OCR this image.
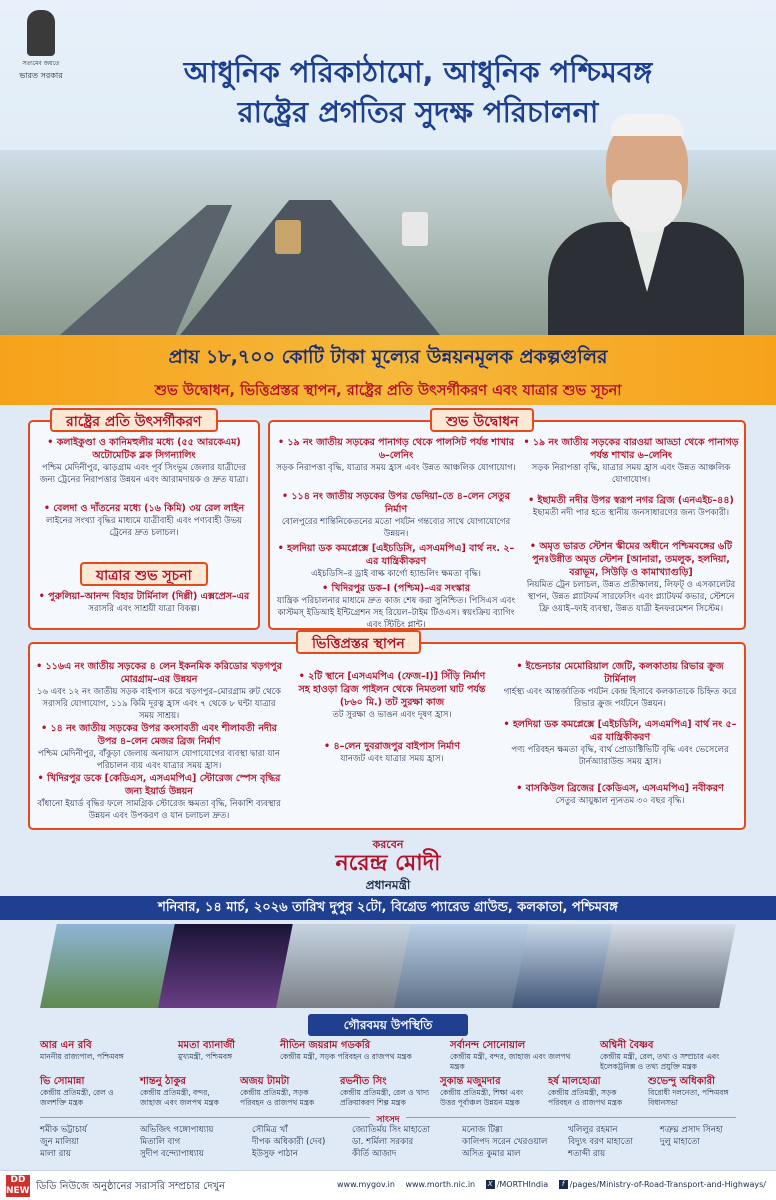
সত্যমেব জয়তে
ভারত সরকার	আধুনিক পরিকাঠামো, আধুনিক পশ্চিমবঙ্গ
রাষ্ট্রের প্রগতির সুদক্ষ পরিচালনা
প্রায় ১৮,৭০০ কোটি টাকা মূল্যের উন্নয়নমূলক প্রকল্পগুলির
শুভ উদ্বোধন, ভিত্তিপ্রস্তর স্থাপন, রাষ্ট্রের প্রতি উৎসর্গীকরণ এবং যাত্রার শুভ সূচনা
রাষ্ট্রের প্রতি উৎসর্গীকরণ
• কলাইকুণ্ডা ও কানিমহুলীর মধ্যে (৫৫ আরকেএম) অটোমেটিক ব্লক সিগন্যালিং
পশ্চিম মেদিনীপুর, ঝাড়গ্রাম এবং পূর্ব সিংভূম জেলার যাত্রীদের জন্য ট্রেনের নিরাপত্তার উন্নয়ন এবং আরামদায়ক ও দ্রুত যাত্রা।
• বেলদা ও দাঁতনের মধ্যে (১৬ কিমি) ৩য় রেল লাইন
লাইনের সংখ্যা বৃদ্ধির মাধ্যমে যাত্রীবাহী এবং পণ্যবাহী উভয় ট্রেনের দ্রুত চলাচল।
যাত্রার শুভ সূচনা
• পুরুলিয়া–আনন্দ বিহার টার্মিনাল (দিল্লী) এক্সপ্রেস–এর
সরাসরি এবং সাশ্রয়ী যাত্রা বিকল্প।
শুভ উদ্বোধন
• ১৯ নং জাতীয় সড়কের পানাগড় থেকে পালসিট পর্যন্ত শাখার ৬–লেনিং
সড়ক নিরাপত্তা বৃদ্ধি, যাত্রার সময় হ্রাস এবং উন্নত আঞ্চলিক যোগাযোগ।
• ১১৪ নং জাতীয় সড়কের উপর ভেদিয়া–তে ৪–লেন সেতুর নির্মাণ
বোলপুরের শান্তিনিকেতনের মতো পর্যটন গন্তব্যের সাথে যোগাযোগের উন্নয়ন।
• হলদিয়া ডক কমপ্লেক্সে [এইচডিসি, এসএমপিএ] বার্থ নং. ২–এর যান্ত্রিকীকরণ
এইচডিসি–র ড্রাই বাল্ক কার্গো হ্যান্ডলিং ক্ষমতা বৃদ্ধি।
• খিদিরপুর ডক–I (পশ্চিম)–এর সংস্কার
যান্ত্রিক পরিচালনার মাধ্যমে দ্রুত কাজ শেষ করা সুনিশ্চিত। পিসিএস এবং কাস্টমস্‌ ইডিআই ইন্টিগ্রেশন সহ রিয়েল–টাইম টিওএস। স্বয়ংক্রিয় ব্যাগিং এবং স্টিচিং প্লান্ট।
• ১৯ নং জাতীয় সড়কের বারওয়া আড্ডা থেকে পানাগড় পর্যন্ত শাখার ৬–লেনিং
সড়ক নিরাপত্তা বৃদ্ধি, যাত্রার সময় হ্রাস এবং উন্নত আঞ্চলিক যোগাযোগ।
• ইছামতী নদীর উপর স্বরূপ নগর ব্রিজ (এনএইচ–৪৪)
ইছামতী নদী পার হতে স্থানীয় জনসাধারণের জন্য উপকারী।
• অমৃত ভারত স্টেশন স্কীমের অধীনে পশ্চিমবঙ্গের ৬টি পুনঃউন্নীত অমৃত স্টেশন [আনারা, তমলুক, হলদিয়া, বরাভূম, সিউড়ি ও কামাখ্যাগুড়ি]
নিয়মিত ট্রেন চলাচল, উন্নত প্রতীক্ষালয়, লিফট্‌ ও এসকালেটর স্থাপন, উন্নত প্ল্যাটফর্ম সারফেসিং এবং প্ল্যাটফর্ম কভার, স্টেশনে ফ্রি ওয়াই–ফাই ব্যবস্থা, উন্নত যাত্রী ইনফরমেশন সিস্টেম।
ভিত্তিপ্রস্তর স্থাপন
• ১১৬এ নং জাতীয় সড়কের ৪ লেন ইকনমিক করিডোর খড়গপুর মোরগ্রাম–এর উন্নয়ন
১৬ এবং ১২ নং জাতীয় সড়ক বাইপাস করে খড়গপুর–মোরগ্রাম রুট থেকে সরাসরি যোগাযোগ, ১১৯ কিমি দূরত্ব হ্রাস এবং ৭ থেকে ৮ ঘন্টা যাত্রার সময় সাশ্রয়।
• ১৪ নং জাতীয় সড়কের উপর কংসাবতী এবং শীলাবতী নদীর উপর ৪–লেন মেজর ব্রিজ নির্মাণ
পশ্চিম মেদিনীপুর, বাঁকুড়া জেলায় অনায়াস যোগাযোগের ব্যবস্থা দ্বারা যান পরিচালন ব্যয় এবং যাত্রার সময় হ্রাস।
• খিদিরপুর ডকে [কেডিএস, এসএমপিএ] স্টোরেজ স্পেস বৃদ্ধির জন্য ইয়ার্ড উন্নয়ন
বাঁধানো ইয়ার্ড বৃদ্ধির ফলে সামগ্রিক স্টোরেজ ক্ষমতা বৃদ্ধি, নিকাশি ব্যবস্থার উন্নয়ন এবং উপকরণ ও যান চলাচল দ্রুত।
• ২টি স্থানে [এসএমপিএ (ফেজ–I)] সিঁড়ি নির্মাণ সহ হাওড়া ব্রিজ পাইলন থেকে নিমতলা ঘাট পর্যন্ত (৮৬০ মি.) তট সুরক্ষা কাজ
তট সুরক্ষা ও ভাঙন এবং দূষণ হ্রাস।
• ৪–লেন দুবরাজপুর বাইপাস নির্মাণ
যানজট এবং যাত্রার সময় হ্রাস।
• ইন্ডেনচার মেমোরিয়াল জেটি, কলকাতায় রিভার ক্রুজ টার্মিনাল
গার্হস্থ্য এবং আন্তর্জাতিক পর্যটন কেন্দ্র হিসাবে কলকাতাকে চিহ্নিত করে রিভার ক্রুজ পর্যটনে উন্নয়ন।
• হলদিয়া ডক কমপ্লেক্সে [এইচডিসি, এসএমপিএ] বার্থ নং ৫–এর যান্ত্রিকীকরণ
পণ্য পরিবহন ক্ষমতা বৃদ্ধি, বার্থ প্রোডাক্টিভিটি বৃদ্ধি এবং ভেসেলের টার্নঅ্যারাউন্ড সময় হ্রাস।
• বাসকিউল ব্রিজের [কেডিএস, এসএমপিএ] নবীকরণ
সেতুর আয়ুষ্কাল ন্যূনতম ৩০ বছর বৃদ্ধি।
করবেন
নরেন্দ্র মোদী
প্রধানমন্ত্রী
শনিবার, ১৪ মার্চ, ২০২৬ তারিখ দুপুর ২টো, বিগ্রেড প্যারেড গ্রাউন্ড, কলকাতা, পশ্চিমবঙ্গ
গৌরবময় উপস্থিতি
আর এন রবি
মাননীয় রাজ্যপাল, পশ্চিমবঙ্গ
মমতা ব্যানার্জী
মুখ্যমন্ত্রী, পশ্চিমবঙ্গ
নীতিন জয়রাম গডকরি
কেন্দ্রীয় মন্ত্রী, সড়ক পরিবহন ও রাজপথ মন্ত্রক
সর্বানন্দ সোনোয়াল
কেন্দ্রীয় মন্ত্রী, বন্দর, জাহাজ এবং জলপথ মন্ত্রক
অশ্বিনী বৈষ্ণব
কেন্দ্রীয় মন্ত্রী, রেল, তথ্য ও সম্প্রচার এবং ইলেকট্রনিক্স ও তথ্য প্রযুক্তি মন্ত্রক
ভি সোমান্না
কেন্দ্রীয় প্রতিমন্ত্রী, রেল ও জলশক্তি মন্ত্রক
শান্তনু ঠাকুর
কেন্দ্রীয় প্রতিমন্ত্রী, বন্দর, জাহাজ এবং জলপথ মন্ত্রক
অজয় টামটা
কেন্দ্রীয় প্রতিমন্ত্রী, সড়ক পরিবহন ও রাজপথ মন্ত্রক
রভনীত সিং
কেন্দ্রীয় প্রতিমন্ত্রী, রেল ও খাদ্য প্রক্রিয়াকরণ শিল্প মন্ত্রক
সুকান্ত মজুমদার
কেন্দ্রীয় প্রতিমন্ত্রী, শিক্ষা এবং উত্তর পূর্বাঞ্চল উন্নয়ন মন্ত্রক
হর্ষ মালহোত্রা
কেন্দ্রীয় প্রতিমন্ত্রী, সড়ক পরিবহন ও রাজপথ মন্ত্রক
শুভেন্দু অধিকারী
বিরোধী দলনেতা, পশ্চিমবঙ্গ বিধানসভা
সাংসদ
শমীক ভট্টাচার্য
জুন মালিয়া
মালা রায়
অভিজিৎ গঙ্গোপাধ্যায়
মিতালি বাগ
সুদীপ বন্দ্যোপাধ্যায়
সৌমিত্র খাঁ
দীপক অধিকারী (দেব)
ইউসুফ পাঠান
জ্যোতির্ময় সিং মাহাতো
ডা. শর্মিলা সরকার
কীর্তি আজাদ
মনোজ টিগ্গা
কালিপদ সরেন খেরওয়াল
অসিত কুমার মাল
খলিলুর রহমান
বিদ্যুৎ বরণ মাহাতো
শতাব্দী রায়
শত্রুঘ্ন প্রসাদ সিনহা
দুলু মাহাতো
DD NEWS ডিডি নিউজে অনুষ্ঠানের সরাসরি সম্প্রচার দেখুন	www.mygov.in www.morth.nic.in X /MORTHIndia f /pages/Ministry-of-Road-Transport-and-Highways/
